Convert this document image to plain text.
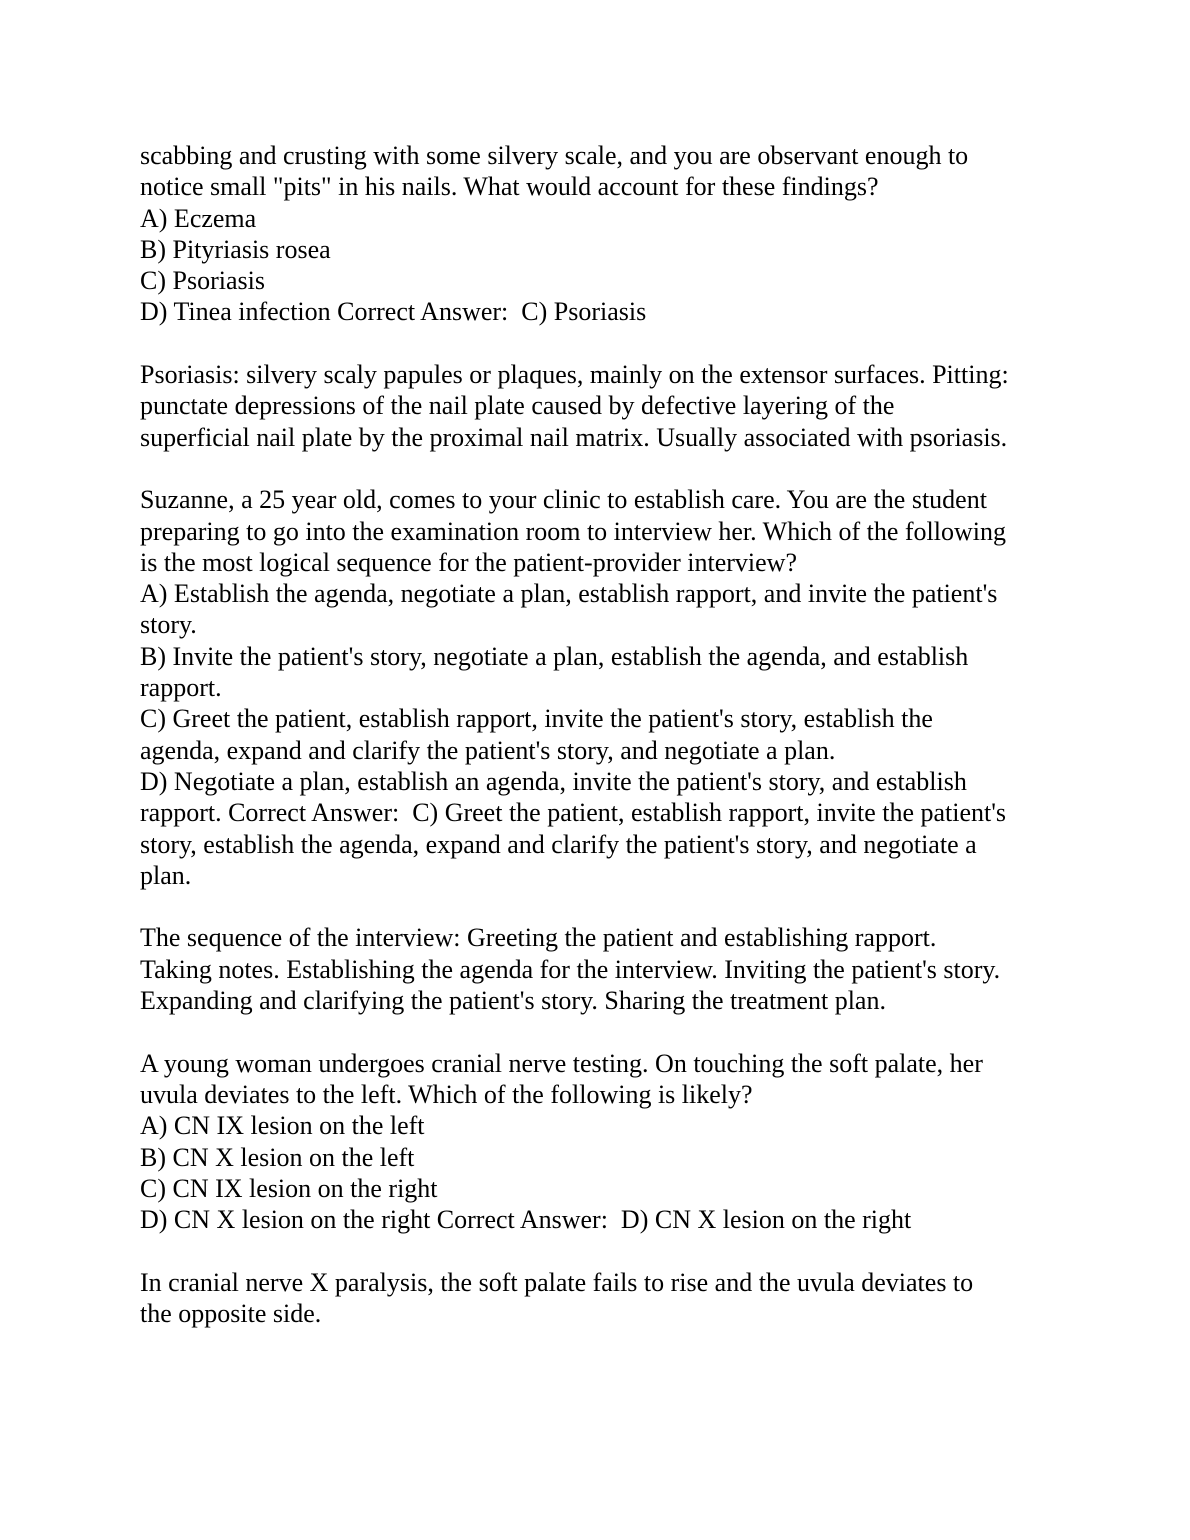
scabbing and crusting with some silvery scale, and you are observant enough to
notice small "pits" in his nails. What would account for these findings?
A) Eczema
B) Pityriasis rosea
C) Psoriasis
D) Tinea infection Correct Answer:  C) Psoriasis
Psoriasis: silvery scaly papules or plaques, mainly on the extensor surfaces. Pitting:
punctate depressions of the nail plate caused by defective layering of the
superficial nail plate by the proximal nail matrix. Usually associated with psoriasis.
Suzanne, a 25 year old, comes to your clinic to establish care. You are the student
preparing to go into the examination room to interview her. Which of the following
is the most logical sequence for the patient-provider interview?
A) Establish the agenda, negotiate a plan, establish rapport, and invite the patient's
story.
B) Invite the patient's story, negotiate a plan, establish the agenda, and establish
rapport.
C) Greet the patient, establish rapport, invite the patient's story, establish the
agenda, expand and clarify the patient's story, and negotiate a plan.
D) Negotiate a plan, establish an agenda, invite the patient's story, and establish
rapport. Correct Answer:  C) Greet the patient, establish rapport, invite the patient's
story, establish the agenda, expand and clarify the patient's story, and negotiate a
plan.
The sequence of the interview: Greeting the patient and establishing rapport.
Taking notes. Establishing the agenda for the interview. Inviting the patient's story.
Expanding and clarifying the patient's story. Sharing the treatment plan.
A young woman undergoes cranial nerve testing. On touching the soft palate, her
uvula deviates to the left. Which of the following is likely?
A) CN IX lesion on the left
B) CN X lesion on the left
C) CN IX lesion on the right
D) CN X lesion on the right Correct Answer:  D) CN X lesion on the right
In cranial nerve X paralysis, the soft palate fails to rise and the uvula deviates to
the opposite side.
